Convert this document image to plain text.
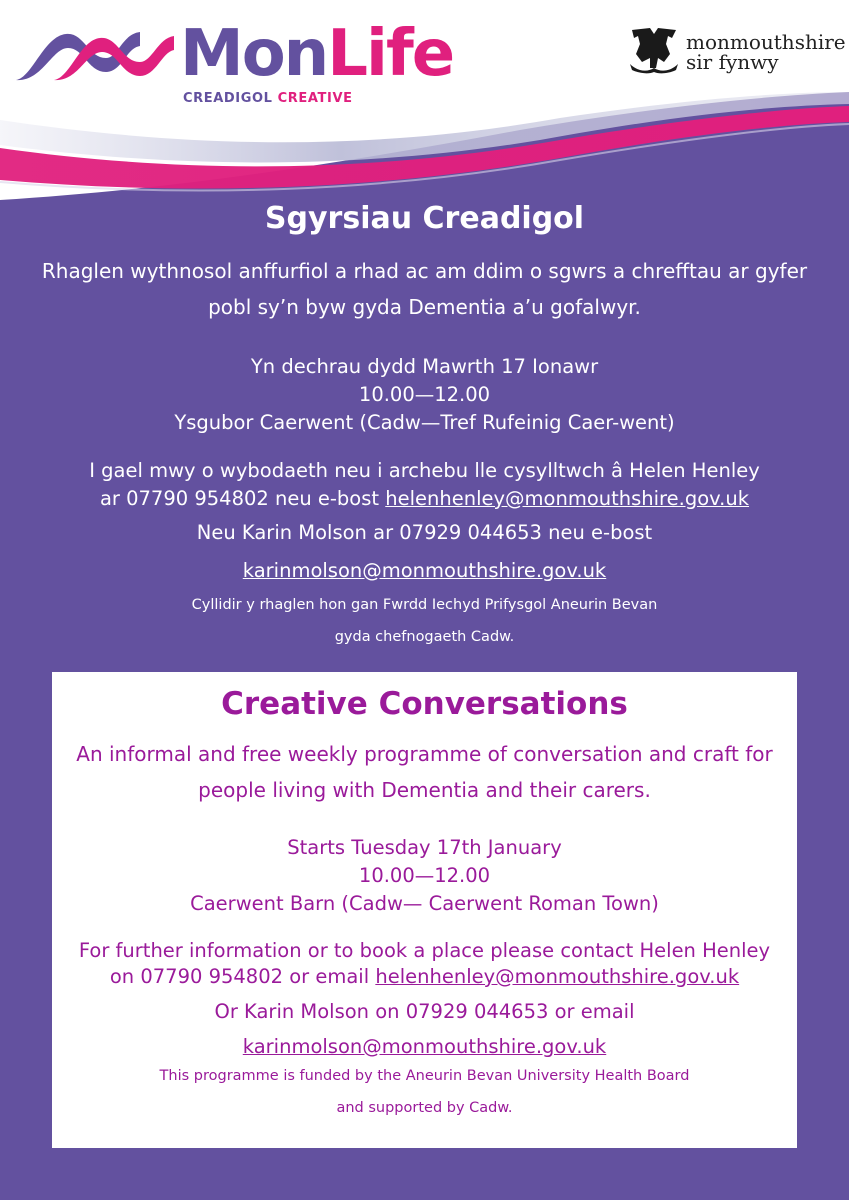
MonLife
CREADIGOL CREATIVE
monmouthshire
sir fynwy
Sgyrsiau Creadigol

Rhaglen wythnosol anffurfiol a rhad ac am ddim o sgwrs a chrefftau ar gyfer pobl sy’n byw gyda Dementia a’u gofalwyr.

Yn dechrau dydd Mawrth 17 Ionawr

10.00—12.00

Ysgubor Caerwent (Cadw—Tref Rufeinig Caer-went)

I gael mwy o wybodaeth neu i archebu lle cysylltwch â Helen Henley

ar 07790 954802 neu e-bost helenhenley@monmouthshire.gov.uk

Neu Karin Molson ar 07929 044653 neu e-bost

karinmolson@monmouthshire.gov.uk

Cyllidir y rhaglen hon gan Fwrdd Iechyd Prifysgol Aneurin Bevan
gyda chefnogaeth Cadw.
Creative Conversations

An informal and free weekly programme of conversation and craft for people living with Dementia and their carers.

Starts Tuesday 17th January

10.00—12.00

Caerwent Barn (Cadw— Caerwent Roman Town)

For further information or to book a place please contact Helen Henley

on 07790 954802 or email helenhenley@monmouthshire.gov.uk

Or Karin Molson on 07929 044653 or email

karinmolson@monmouthshire.gov.uk

This programme is funded by the Aneurin Bevan University Health Board
and supported by Cadw.
